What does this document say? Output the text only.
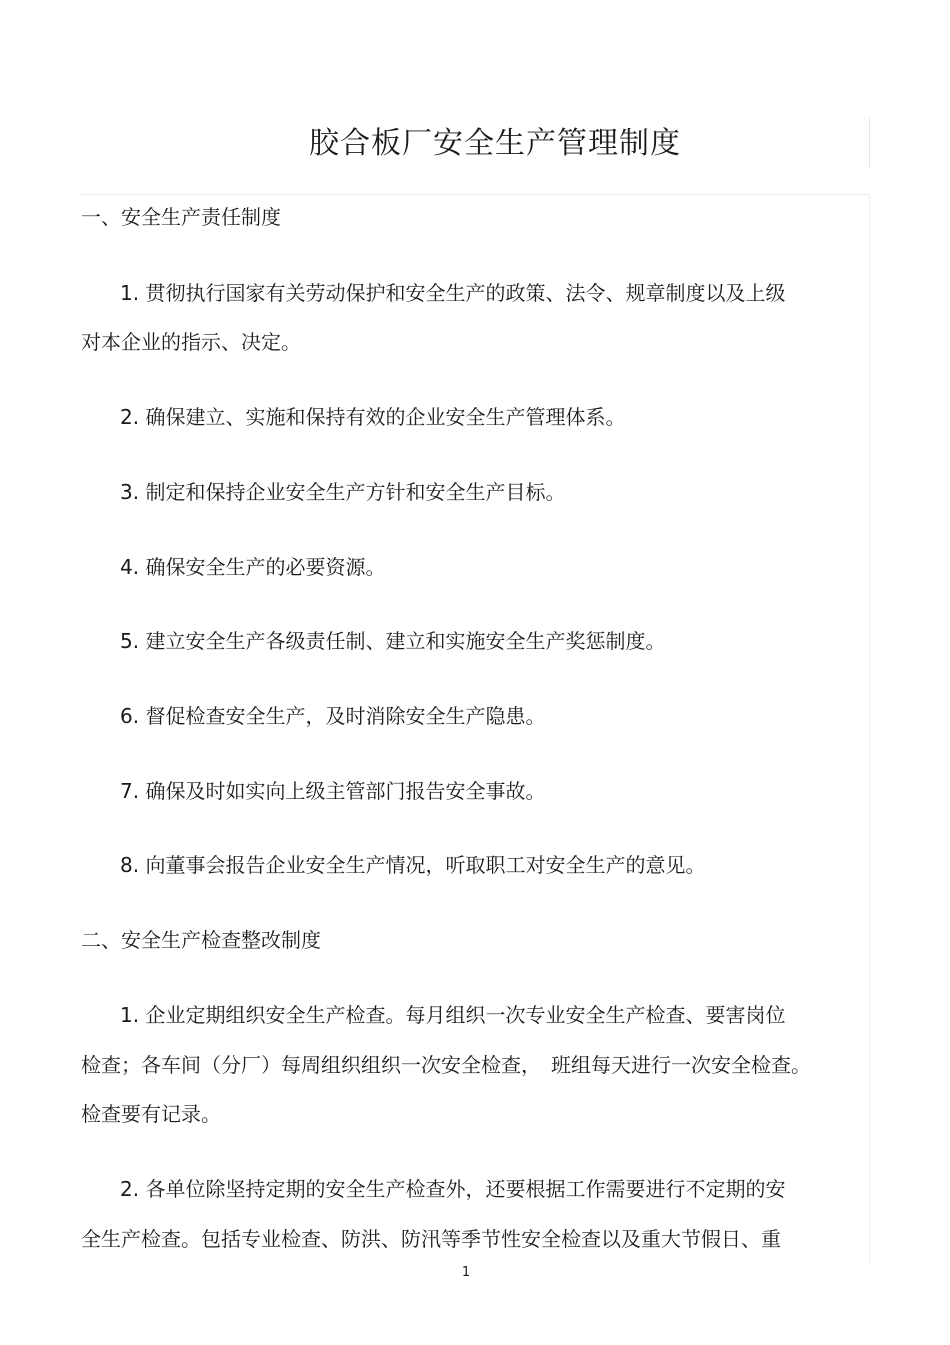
胶合板厂安全生产管理制度
一、安全生产责任制度
1. 贯彻执行国家有关劳动保护和安全生产的政策、法令、规章制度以及上级
对本企业的指示、决定。
2. 确保建立、实施和保持有效的企业安全生产管理体系。
3. 制定和保持企业安全生产方针和安全生产目标。
4. 确保安全生产的必要资源。
5. 建立安全生产各级责任制、建立和实施安全生产奖惩制度。
6. 督促检查安全生产，及时消除安全生产隐患。
7. 确保及时如实向上级主管部门报告安全事故。
8. 向董事会报告企业安全生产情况，听取职工对安全生产的意见。
二、安全生产检查整改制度
1. 企业定期组织安全生产检查。每月组织一次专业安全生产检查、要害岗位
检查；各车间（分厂）每周组织组织一次安全检查，　班组每天进行一次安全检查。
检查要有记录。
2. 各单位除坚持定期的安全生产检查外，还要根据工作需要进行不定期的安
全生产检查。包括专业检查、防洪、防汛等季节性安全检查以及重大节假日、重
1
